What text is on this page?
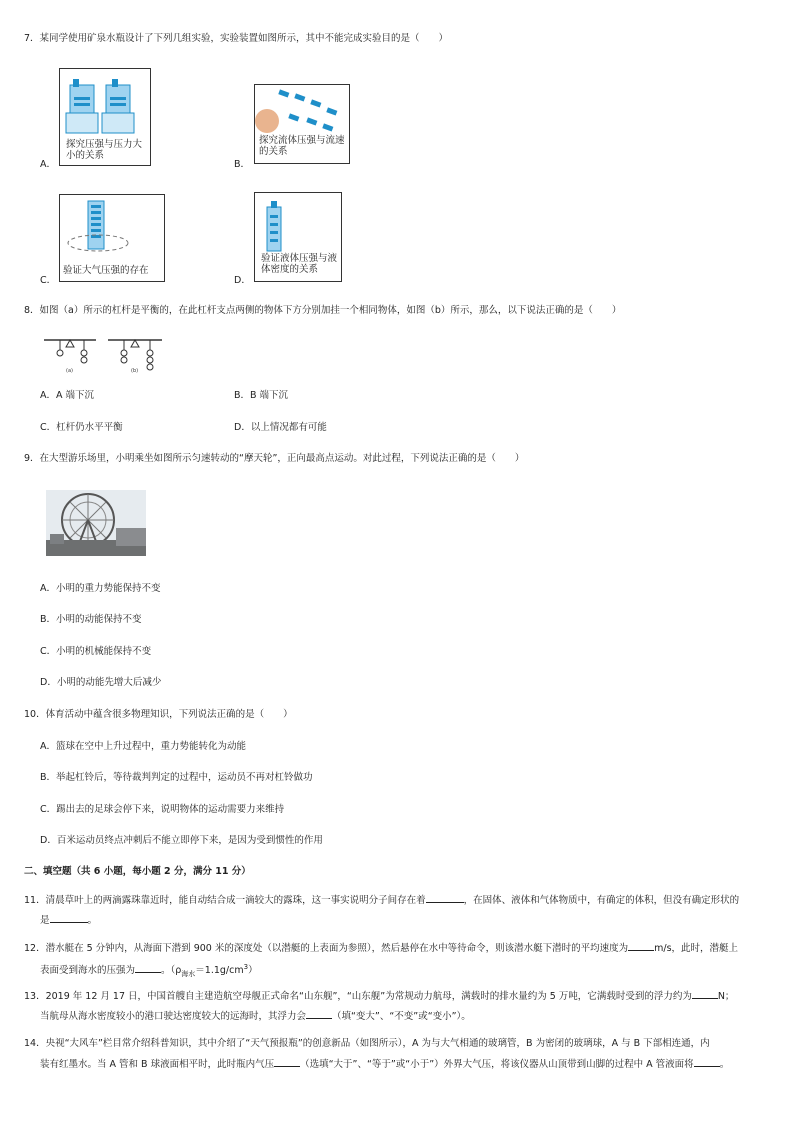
7．某同学使用矿泉水瓶设计了下列几组实验，实验装置如图所示，其中不能完成实验目的是（　　）
A．
探究压强与压力大小的关系
B．
探究流体压强与流速的关系
C．
验证大气压强的存在
D．
验证液体压强与液体密度的关系
8．如图（a）所示的杠杆是平衡的，在此杠杆支点两侧的物体下方分别加挂一个相同物体，如图（b）所示，那么，以下说法正确的是（　　）
(a)	(b)
A．A 端下沉	B．B 端下沉
C．杠杆仍水平平衡	D．以上情况都有可能
9．在大型游乐场里，小明乘坐如图所示匀速转动的“摩天轮”，正向最高点运动。对此过程，下列说法正确的是（　　）
A．小明的重力势能保持不变
B．小明的动能保持不变
C．小明的机械能保持不变
D．小明的动能先增大后减少
10．体育活动中蕴含很多物理知识，下列说法正确的是（　　）
A．篮球在空中上升过程中，重力势能转化为动能
B．举起杠铃后，等待裁判判定的过程中，运动员不再对杠铃做功
C．踢出去的足球会停下来，说明物体的运动需要力来维持
D．百米运动员终点冲刺后不能立即停下来，是因为受到惯性的作用
二、填空题（共 6 小题，每小题 2 分，满分 11 分）
11．清晨草叶上的两滴露珠靠近时，能自动结合成一滴较大的露珠，这一事实说明分子间存在着	，在固体、液体和气体物质中，有确定的体积，但没有确定形状的
是	。
12．潜水艇在 5 分钟内，从海面下潜到 900 米的深度处（以潜艇的上表面为参照），然后悬停在水中等待命令，则该潜水艇下潜时的平均速度为	m/s，此时，潜艇上
表面受到海水的压强为	。$(\rho_{海水}=1.1g/cm^3)$
13．2019 年 12 月 17 日，中国首艘自主建造航空母舰正式命名“山东舰”，“山东舰”为常规动力航母，满载时的排水量约为 5 万吨，它满载时受到的浮力约为	N；
当航母从海水密度较小的港口驶达密度较大的远海时，其浮力会	（填“变大”、“不变”或“变小”）。
14．央视“大风车”栏目常介绍科普知识，其中介绍了“天气预报瓶”的创意新品（如图所示），A 为与大气相通的玻璃管，B 为密闭的玻璃球，A 与 B 下部相连通，内
装有红墨水。当 A 管和 B 球液面相平时，此时瓶内气压	（选填“大于”、“等于”或“小于”）外界大气压，将该仪器从山顶带到山脚的过程中 A 管液面将	。
